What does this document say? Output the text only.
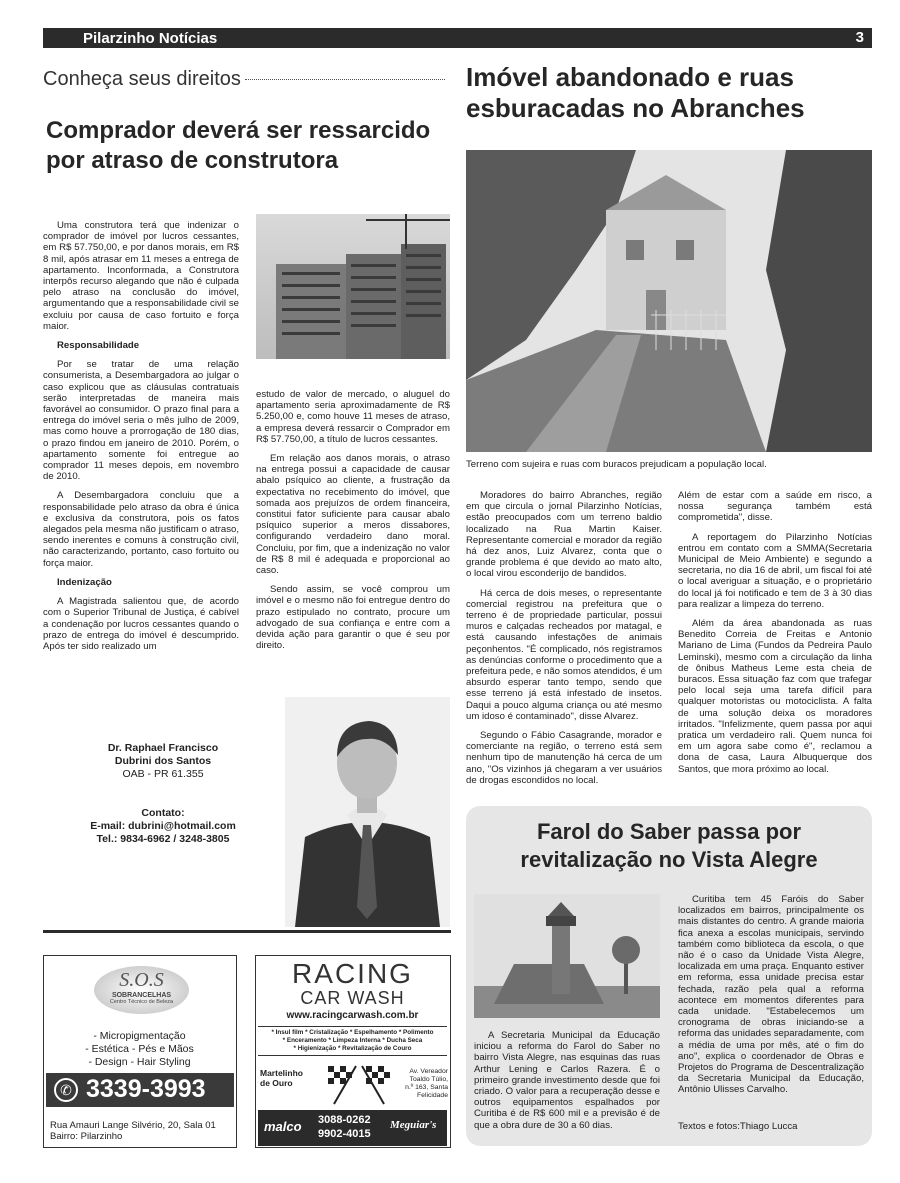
Pilarzinho Notícias	3
Conheça seus direitos
Comprador deverá ser ressarcido
por atraso de construtora

Uma construtora terá que indenizar o comprador de imóvel por lucros cessantes, em R$ 57.750,00, e por danos morais, em R$ 8 mil, após atrasar em 11 meses a entrega de apartamento. Inconformada, a Construtora interpôs recurso alegando que não é culpada pelo atraso na conclusão do imóvel, argumentando que a responsabilidade civil se excluiu por causa de caso fortuito e força maior.

Responsabilidade

Por se tratar de uma relação consumerista, a Desembargadora ao julgar o caso explicou que as cláusulas contratuais serão interpretadas de maneira mais favorável ao consumidor. O prazo final para a entrega do imóvel seria o mês julho de 2009, mas como houve a prorrogação de 180 dias, o prazo findou em janeiro de 2010. Porém, o apartamento somente foi entregue ao comprador 11 meses depois, em novembro de 2010.

A Desembargadora concluiu que a responsabilidade pelo atraso da obra é única e exclusiva da construtora, pois os fatos alegados pela mesma não justificam o atraso, sendo inerentes e comuns à construção civil, não caracterizando, portanto, caso fortuito ou força maior.

Indenização

A Magistrada salientou que, de acordo com o Superior Tribunal de Justiça, é cabível a condenação por lucros cessantes quando o prazo de entrega do imóvel é descumprido. Após ter sido realizado um

estudo de valor de mercado, o aluguel do apartamento seria aproximadamente de R$ 5.250,00 e, como houve 11 meses de atraso, a empresa deverá ressarcir o Comprador em R$ 57.750,00, a título de lucros cessantes.

Em relação aos danos morais, o atraso na entrega possui a capacidade de causar abalo psíquico ao cliente, a frustração da expectativa no recebimento do imóvel, que somada aos prejuízos de ordem financeira, constitui fator suficiente para causar abalo psíquico superior a meros dissabores, configurando verdadeiro dano moral. Concluiu, por fim, que a indenização no valor de R$ 8 mil é adequada e proporcional ao caso.

Sendo assim, se você comprou um imóvel e o mesmo não foi entregue dentro do prazo estipulado no contrato, procure um advogado de sua confiança e entre com a devida ação para garantir o que é seu por direito.

Dr. Raphael Francisco
Dubrini dos Santos
OAB - PR 61.355
Contato:
E-mail: dubrini@hotmail.com
Tel.: 9834-6962 / 3248-3805
S.O.S
SOBRANCELHAS
Centro Técnico de Beleza
- Micropigmentação
- Estética - Pés e Mãos
- Design - Hair Styling
✆ 3339-3993
Rua Amauri Lange Silvério, 20, Sala 01
Bairro: Pilarzinho
RACING
CAR WASH
www.racingcarwash.com.br
* Insul film * Cristalização * Espelhamento * Polimento
* Enceramento * Limpeza Interna * Ducha Seca
* Higienização * Revitalização de Couro
Martelinho
de Ouro
Av. Vereador
Toaldo Túlio,
n.º 163, Santa
Felicidade
malco 3088-0262
9902-4015
Meguiar's
Imóvel abandonado e ruas
esburacadas no Abranches
Terreno com sujeira e ruas com buracos prejudicam a população local.

Moradores do bairro Abranches, região em que circula o jornal Pilarzinho Notícias, estão preocupados com um terreno baldio localizado na Rua Martin Kaiser. Representante comercial e morador da região há dez anos, Luiz Alvarez, conta que o grande problema é que devido ao mato alto, o local virou esconderijo de bandidos.

Há cerca de dois meses, o representante comercial registrou na prefeitura que o terreno é de propriedade particular, possui muros e calçadas recheados por matagal, e está causando infestações de animais peçonhentos. "É complicado, nós registramos as denúncias conforme o procedimento que a prefeitura pede, e não somos atendidos, é um absurdo esperar tanto tempo, sendo que esse terreno já está infestado de insetos. Daqui a pouco alguma criança ou até mesmo um idoso é contaminado", disse Alvarez.

Segundo o Fábio Casagrande, morador e comerciante na região, o terreno está sem nenhum tipo de manutenção há cerca de um ano, "Os vizinhos já chegaram a ver usuários de drogas escondidos no local.

Além de estar com a saúde em risco, a nossa segurança também está comprometida", disse.

A reportagem do Pilarzinho Notícias entrou em contato com a SMMA(Secretaria Municipal de Meio Ambiente) e segundo a secretaria, no dia 16 de abril, um fiscal foi até o local averiguar a situação, e o proprietário do local já foi notificado e tem de 3 à 30 dias para realizar a limpeza do terreno.

Além da área abandonada as ruas Benedito Correia de Freitas e Antonio Mariano de Lima (Fundos da Pedreira Paulo Leminski), mesmo com a circulação da linha de ônibus Matheus Leme esta cheia de buracos. Essa situação faz com que trafegar pelo local seja uma tarefa difícil para qualquer motoristas ou motociclista. A falta de uma solução deixa os moradores irritados. "Infelizmente, quem passa por aqui pratica um verdadeiro rali. Quem nunca foi em um agora sabe como é", reclamou a dona de casa, Laura Albuquerque dos Santos, que mora próximo ao local.

Farol do Saber passa por
revitalização no Vista Alegre

A Secretaria Municipal da Educação iniciou a reforma do Farol do Saber no bairro Vista Alegre, nas esquinas das ruas Arthur Lening e Carlos Razera. É o primeiro grande investimento desde que foi criado. O valor para a recuperação desse e outros equipamentos espalhados por Curitiba é de R$ 600 mil e a previsão é de que a obra dure de 30 a 60 dias.

Curitiba tem 45 Faróis do Saber localizados em bairros, principalmente os mais distantes do centro. A grande maioria fica anexa a escolas municipais, servindo também como biblioteca da escola, o que não é o caso da Unidade Vista Alegre, localizada em uma praça. Enquanto estiver em reforma, essa unidade precisa estar fechada, razão pela qual a reforma acontece em momentos diferentes para cada unidade. "Estabelecemos um cronograma de obras iniciando-se a reforma das unidades separadamente, com a média de uma por mês, até o fim do ano", explica o coordenador de Obras e Projetos do Programa de Descentralização da Secretaria Municipal da Educação, Antônio Ulisses Carvalho.

Textos e fotos:Thiago Lucca
